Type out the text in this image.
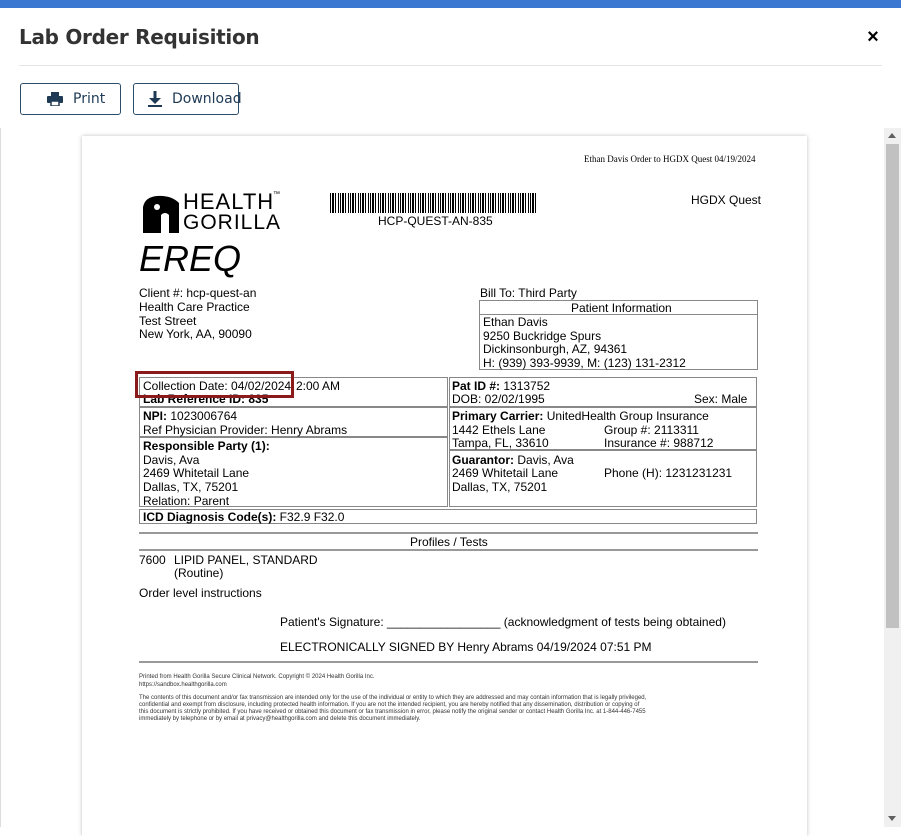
Lab Order Requisition	×
Print	Download
Ethan Davis Order to HGDX Quest 04/19/2024
HEALTH
™
GORILLA	HCP-QUEST-AN-835
HGDX Quest
EREQ
Client #: hcp-quest-an
Health Care Practice
Test Street
New York, AA, 90090
Bill To: Third Party
Patient Information
Ethan Davis
9250 Buckridge Spurs
Dickinsonburgh, AZ, 94361
H: (939) 393-9939, M: (123) 131-2312
Collection Date: 04/02/2024 2:00 AM
Lab Reference ID: 835
Pat ID #: 1313752
DOB: 02/02/1995	Sex: Male
NPI: 1023006764
Ref Physician Provider: Henry Abrams
Primary Carrier: UnitedHealth Group Insurance
1442 Ethels Lane	Group #: 2113311
Tampa, FL, 33610	Insurance #: 988712
Responsible Party (1):
Davis, Ava
2469 Whitetail Lane
Dallas, TX, 75201
Relation: Parent
Guarantor: Davis, Ava
2469 Whitetail Lane	Phone (H): 1231231231
Dallas, TX, 75201
ICD Diagnosis Code(s): F32.9 F32.0
Profiles / Tests
7600 LIPID PANEL, STANDARD
(Routine)
Order level instructions
Patient's Signature: _________________ (acknowledgment of tests being obtained)
ELECTRONICALLY SIGNED BY Henry Abrams 04/19/2024 07:51 PM
Printed from Health Gorilla Secure Clinical Network. Copyright © 2024 Health Gorilla Inc.
https://sandbox.healthgorilla.com
The contents of this document and/or fax transmission are intended only for the use of the individual or entity to which they are addressed and may contain information that is legally privileged,
confidential and exempt from disclosure, including protected health information. If you are not the intended recipient, you are hereby notified that any dissemination, distribution or copying of
this document is strictly prohibited. If you have received or obtained this document or fax transmission in error, please notify the original sender or contact Health Gorilla Inc. at 1-844-446-7455
immediately by telephone or by email at privacy@healthgorilla.com and delete this document immediately.
